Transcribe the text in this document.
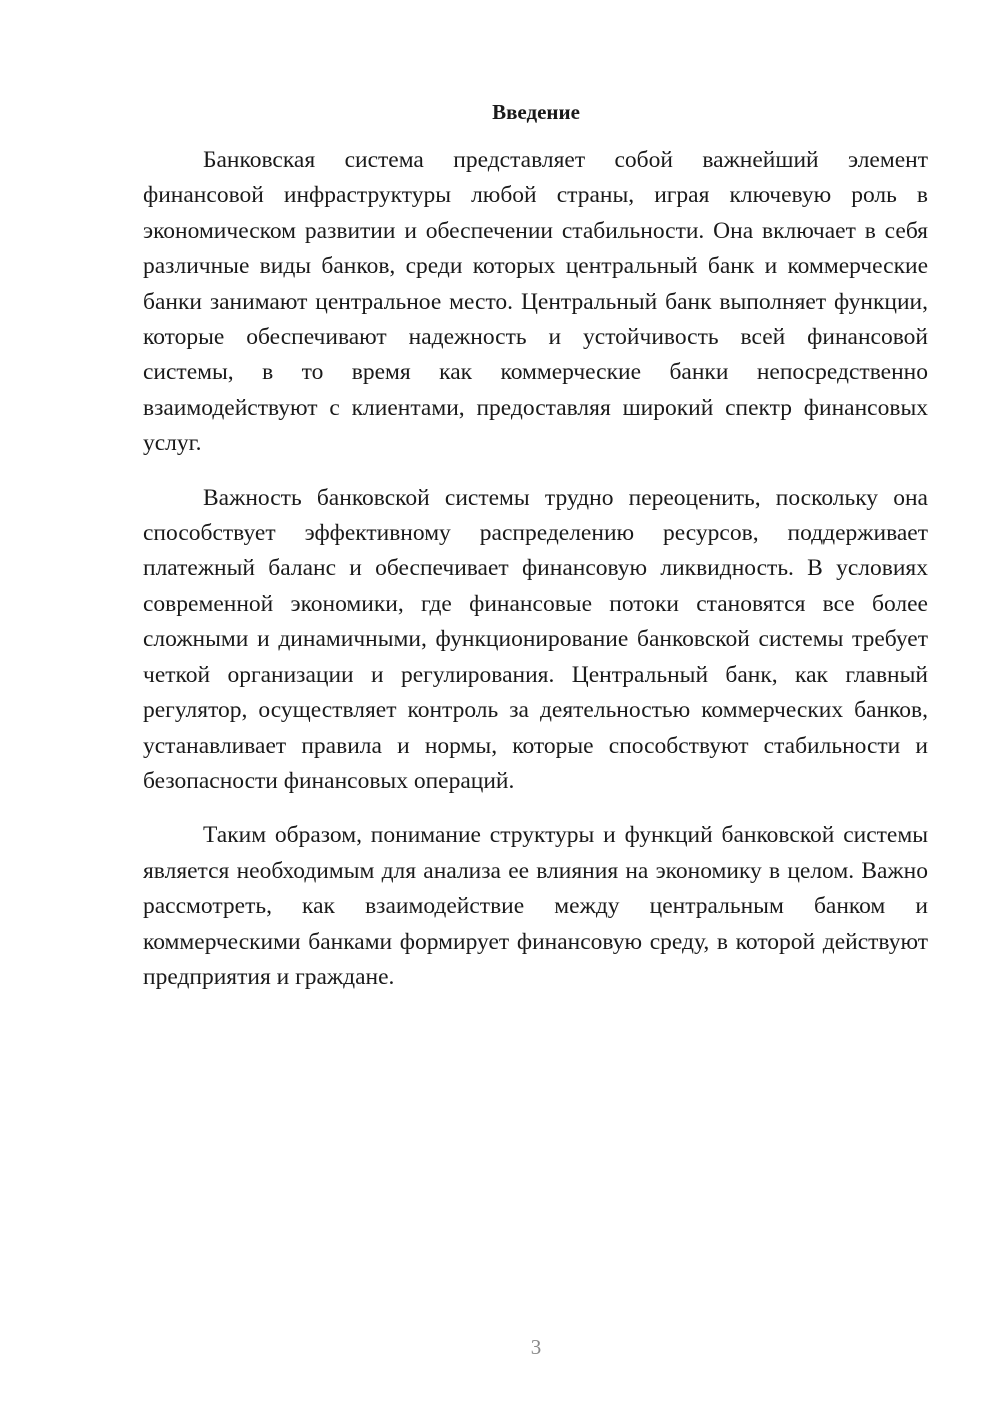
Введение

Банковская система представляет собой важнейший элемент финансовой инфраструктуры любой страны, играя ключевую роль в экономическом развитии и обеспечении стабильности. Она включает в себя различные виды банков, среди которых центральный банк и коммерческие банки занимают центральное место. Центральный банк выполняет функции, которые обеспечивают надежность и устойчивость всей финансовой системы, в то время как коммерческие банки непосредственно взаимодействуют с клиентами, предоставляя широкий спектр финансовых услуг.

Важность банковской системы трудно переоценить, поскольку она способствует эффективному распределению ресурсов, поддерживает платежный баланс и обеспечивает финансовую ликвидность. В условиях современной экономики, где финансовые потоки становятся все более сложными и динамичными, функционирование банковской системы требует четкой организации и регулирования. Центральный банк, как главный регулятор, осуществляет контроль за деятельностью коммерческих банков, устанавливает правила и нормы, которые способствуют стабильности и безопасности финансовых операций.

Таким образом, понимание структуры и функций банковской системы является необходимым для анализа ее влияния на экономику в целом. Важно рассмотреть, как взаимодействие между центральным банком и коммерческими банками формирует финансовую среду, в которой действуют предприятия и граждане.

3
